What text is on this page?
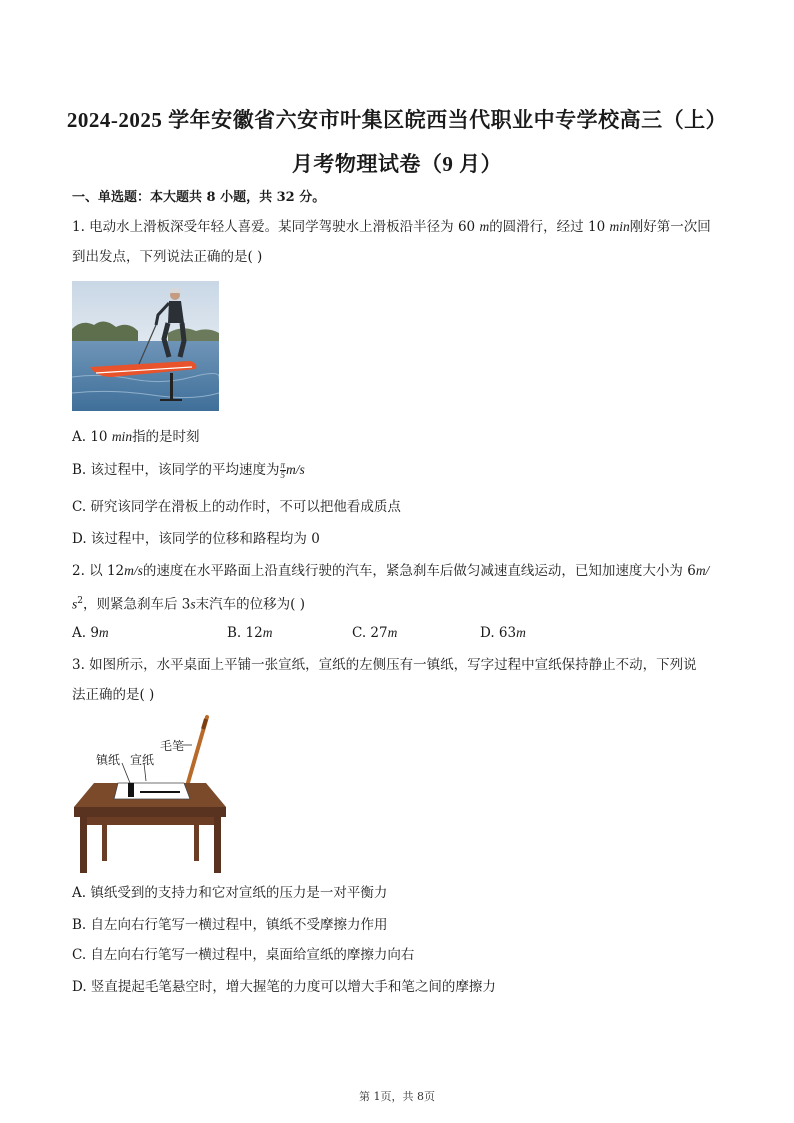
2024-2025 学年安徽省六安市叶集区皖西当代职业中专学校高三（上）
月考物理试卷（9 月）
一、单选题：本大题共 8 小题，共 32 分。
1. 电动水上滑板深受年轻人喜爱。某同学驾驶水上滑板沿半径为 60 m的圆滑行，经过 10 min刚好第一次回
到出发点，下列说法正确的是( )
A. 10 min指的是时刻
B. 该过程中，该同学的平均速度为 $\frac{\pi}{5} m/s$
C. 研究该同学在滑板上的动作时，不可以把他看成质点
D. 该过程中，该同学的位移和路程均为 0
2. 以 12m/s的速度在水平路面上沿直线行驶的汽车，紧急刹车后做匀减速直线运动，已知加速度大小为 6m/
$s^2$，则紧急刹车后 3s末汽车的位移为( )
A. 9m	B. 12m	C. 27m	D. 63m
3. 如图所示，水平桌面上平铺一张宣纸，宣纸的左侧压有一镇纸，写字过程中宣纸保持静止不动，下列说
法正确的是( )
毛笔
镇纸 宣纸
A. 镇纸受到的支持力和它对宣纸的压力是一对平衡力
B. 自左向右行笔写一横过程中，镇纸不受摩擦力作用
C. 自左向右行笔写一横过程中，桌面给宣纸的摩擦力向右
D. 竖直提起毛笔悬空时，增大握笔的力度可以增大手和笔之间的摩擦力
第 1页，共 8页
